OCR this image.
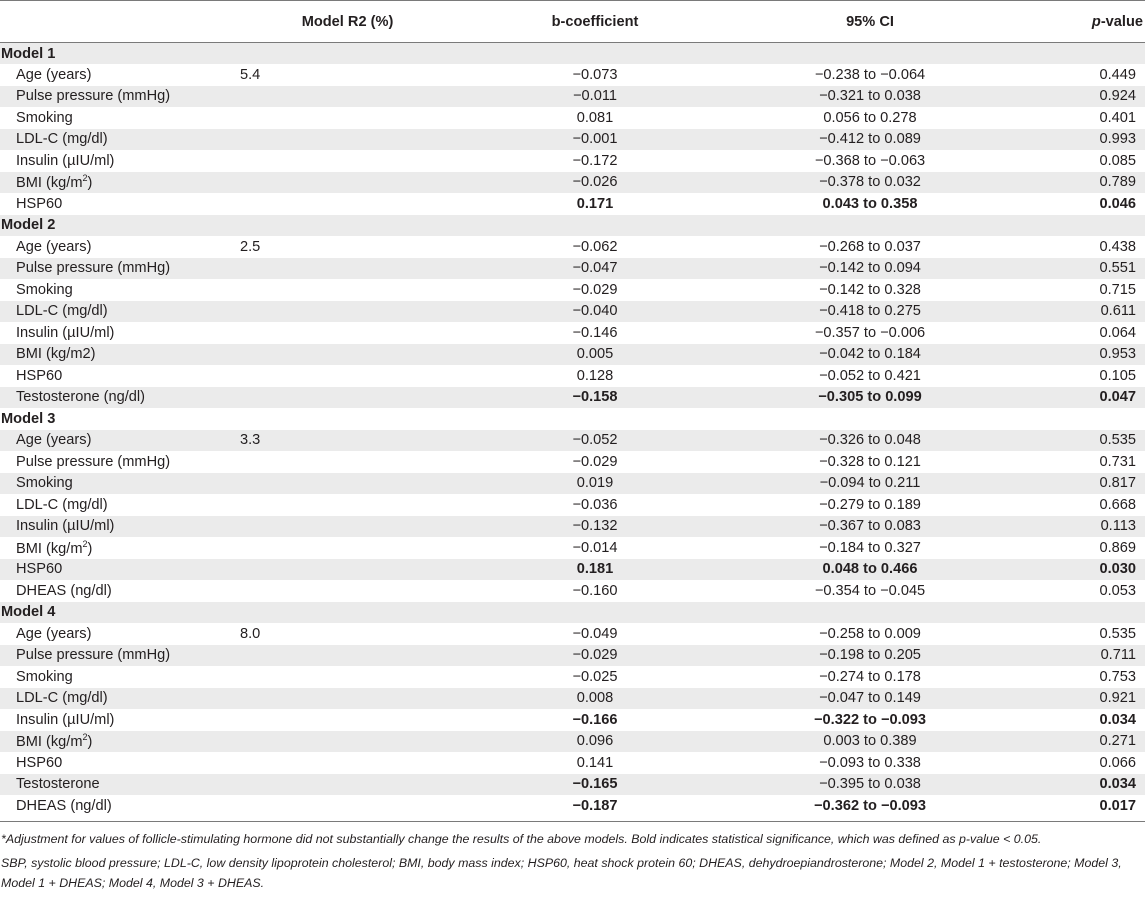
	Model R2 (%)	b-coefficient	95% CI	p-value
Model 1				
Age (years)	5.4	−0.073	−0.238 to −0.064	0.449
Pulse pressure (mmHg)		−0.011	−0.321 to 0.038	0.924
Smoking		0.081	0.056 to 0.278	0.401
LDL-C (mg/dl)		−0.001	−0.412 to 0.089	0.993
Insulin (µIU/ml)		−0.172	−0.368 to −0.063	0.085
BMI $(kg/m^2)$		−0.026	−0.378 to 0.032	0.789
HSP60		0.171	0.043 to 0.358	0.046
Model 2				
Age (years)	2.5	−0.062	−0.268 to 0.037	0.438
Pulse pressure (mmHg)		−0.047	−0.142 to 0.094	0.551
Smoking		−0.029	−0.142 to 0.328	0.715
LDL-C (mg/dl)		−0.040	−0.418 to 0.275	0.611
Insulin (µIU/ml)		−0.146	−0.357 to −0.006	0.064
BMI (kg/m2)		0.005	−0.042 to 0.184	0.953
HSP60		0.128	−0.052 to 0.421	0.105
Testosterone (ng/dl)		−0.158	−0.305 to 0.099	0.047
Model 3				
Age (years)	3.3	−0.052	−0.326 to 0.048	0.535
Pulse pressure (mmHg)		−0.029	−0.328 to 0.121	0.731
Smoking		0.019	−0.094 to 0.211	0.817
LDL-C (mg/dl)		−0.036	−0.279 to 0.189	0.668
Insulin (µIU/ml)		−0.132	−0.367 to 0.083	0.113
BMI $(kg/m^2)$		−0.014	−0.184 to 0.327	0.869
HSP60		0.181	0.048 to 0.466	0.030
DHEAS (ng/dl)		−0.160	−0.354 to −0.045	0.053
Model 4				
Age (years)	8.0	−0.049	−0.258 to 0.009	0.535
Pulse pressure (mmHg)		−0.029	−0.198 to 0.205	0.711
Smoking		−0.025	−0.274 to 0.178	0.753
LDL-C (mg/dl)		0.008	−0.047 to 0.149	0.921
Insulin (µIU/ml)		−0.166	−0.322 to −0.093	0.034
BMI $(kg/m^2)$		0.096	0.003 to 0.389	0.271
HSP60		0.141	−0.093 to 0.338	0.066
Testosterone		−0.165	−0.395 to 0.038	0.034
DHEAS (ng/dl)		−0.187	−0.362 to −0.093	0.017

*Adjustment for values of follicle-stimulating hormone did not substantially change the results of the above models. Bold indicates statistical significance, which was defined as p-value < 0.05.

SBP, systolic blood pressure; LDL-C, low density lipoprotein cholesterol; BMI, body mass index; HSP60, heat shock protein 60; DHEAS, dehydroepiandrosterone; Model 2, Model 1 + testosterone; Model 3, Model 1 + DHEAS; Model 4, Model 3 + DHEAS.
